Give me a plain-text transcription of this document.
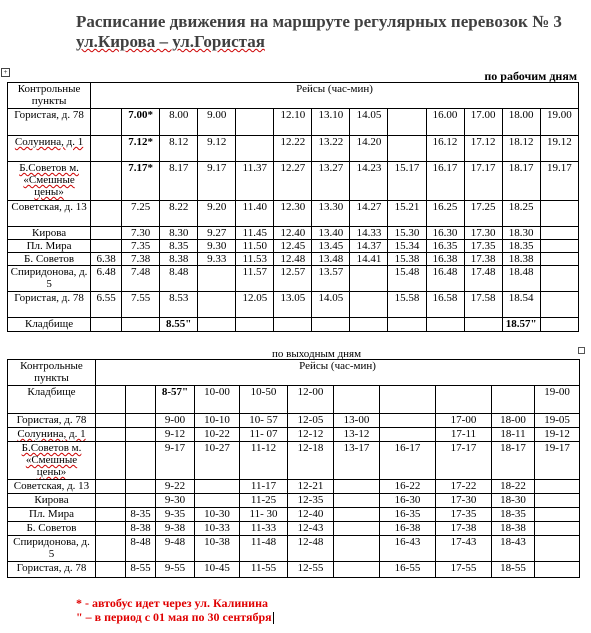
Расписание движения на маршруте регулярных перевозок № 3
ул.Кирова – ул.Гористая
+	по рабочим дням
Контрольные пункты	Рейсы (час-мин)												
Гористая, д. 78		7.00*	8.00	9.00		12.10	13.10	14.05		16.00	17.00	18.00	19.00
Солунина, д. 1		7.12*	8.12	9.12		12.22	13.22	14.20		16.12	17.12	18.12	19.12
Б.Советов м. «Смешные цены»		7.17*	8.17	9.17	11.37	12.27	13.27	14.23	15.17	16.17	17.17	18.17	19.17
Советская, д. 13		7.25	8.22	9.20	11.40	12.30	13.30	14.27	15.21	16.25	17.25	18.25	
Кирова		7.30	8.30	9.27	11.45	12.40	13.40	14.33	15.30	16.30	17.30	18.30	
Пл. Мира		7.35	8.35	9.30	11.50	12.45	13.45	14.37	15.34	16.35	17.35	18.35	
Б. Советов	6.38	7.38	8.38	9.33	11.53	12.48	13.48	14.41	15.38	16.38	17.38	18.38	
Спиридонова, д. 5	6.48	7.48	8.48		11.57	12.57	13.57		15.48	16.48	17.48	18.48	
Гористая, д. 78	6.55	7.55	8.53		12.05	13.05	14.05		15.58	16.58	17.58	18.54	
Кладбище			8.55"									18.57"	
по выходным дням
Контрольные пункты	Рейсы (час-мин)										
Кладбище			8-57"	10-00	10-50	12-00					19-00
Гористая, д. 78			9-00	10-10	10- 57	12-05	13-00		17-00	18-00	19-05
Солунина, д. 1			9-12	10-22	11- 07	12-12	13-12		17-11	18-11	19-12
Б.Советов м. «Смешные цены»			9-17	10-27	11-12	12-18	13-17	16-17	17-17	18-17	19-17
Советская, д. 13			9-22		11-17	12-21		16-22	17-22	18-22	
Кирова			9-30		11-25	12-35		16-30	17-30	18-30	
Пл. Мира		8-35	9-35	10-30	11- 30	12-40		16-35	17-35	18-35	
Б. Советов		8-38	9-38	10-33	11-33	12-43		16-38	17-38	18-38	
Спиридонова, д. 5		8-48	9-48	10-38	11-48	12-48		16-43	17-43	18-43	
Гористая, д. 78		8-55	9-55	10-45	11-55	12-55		16-55	17-55	18-55	
* - автобус идет через ул. Калинина
" – в период с 01 мая по 30 сентября
